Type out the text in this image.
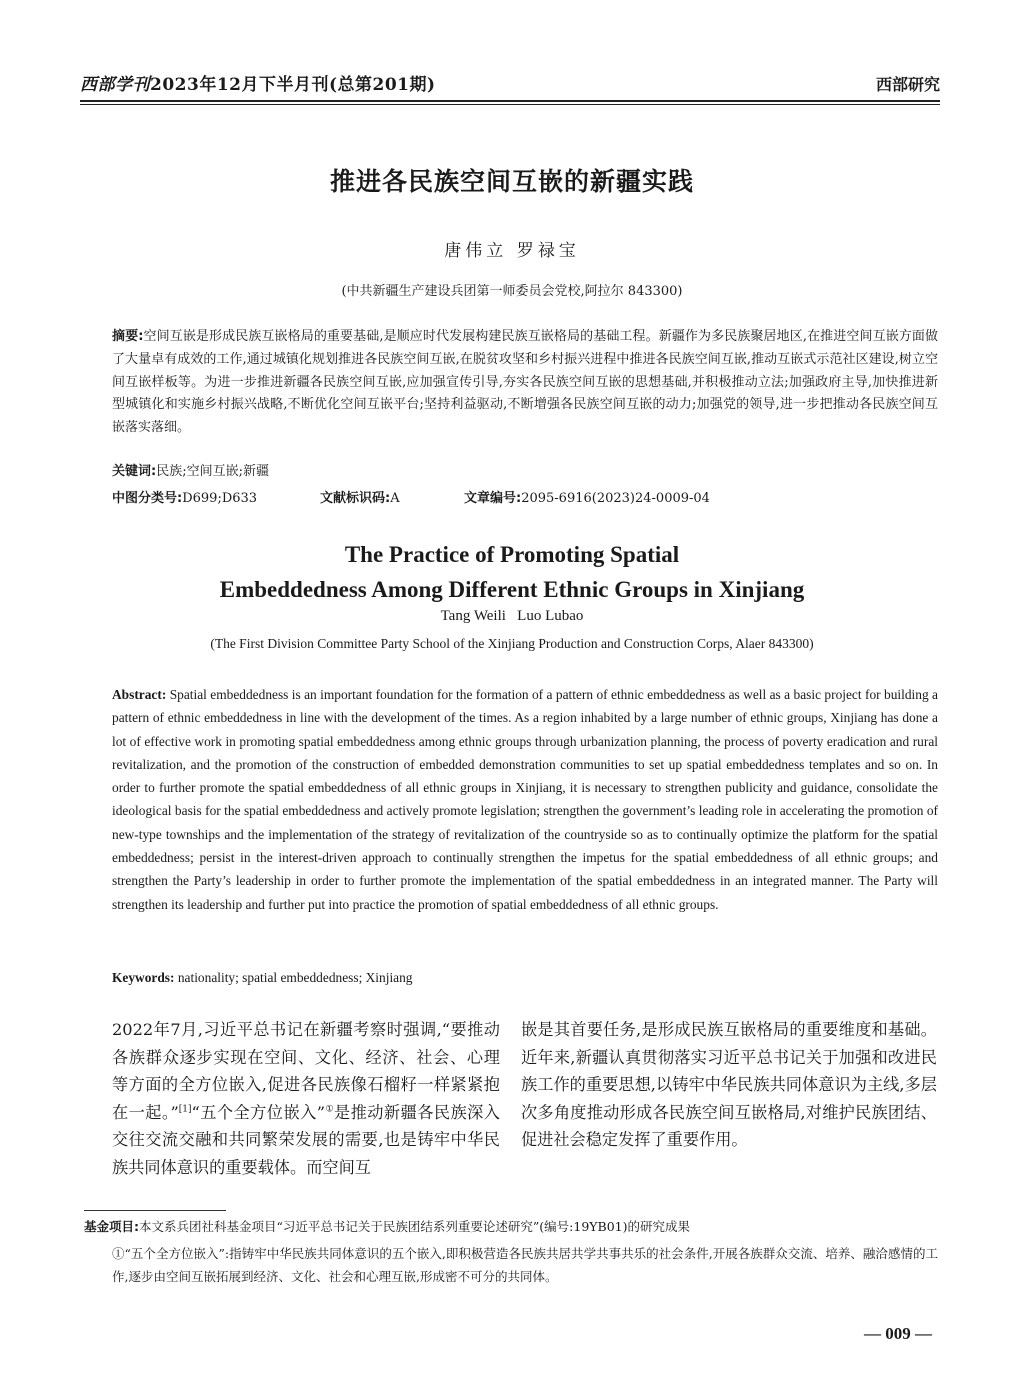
西部学刊2023年12月下半月刊(总第201期)	西部研究
推进各民族空间互嵌的新疆实践
唐伟立 罗禄宝
(中共新疆生产建设兵团第一师委员会党校,阿拉尔 843300)
摘要:空间互嵌是形成民族互嵌格局的重要基础,是顺应时代发展构建民族互嵌格局的基础工程。新疆作为多民族聚居地区,在推进空间互嵌方面做了大量卓有成效的工作,通过城镇化规划推进各民族空间互嵌,在脱贫攻坚和乡村振兴进程中推进各民族空间互嵌,推动互嵌式示范社区建设,树立空间互嵌样板等。为进一步推进新疆各民族空间互嵌,应加强宣传引导,夯实各民族空间互嵌的思想基础,并积极推动立法;加强政府主导,加快推进新型城镇化和实施乡村振兴战略,不断优化空间互嵌平台;坚持利益驱动,不断增强各民族空间互嵌的动力;加强党的领导,进一步把推动各民族空间互嵌落实落细。
关键词:民族;空间互嵌;新疆
中图分类号:D699;D633	文献标识码:A	文章编号:2095-6916(2023)24-0009-04
The Practice of Promoting Spatial
Embeddedness Among Different Ethnic Groups in Xinjiang
Tang Weili   Luo Lubao
(The First Division Committee Party School of the Xinjiang Production and Construction Corps, Alaer 843300)
Abstract: Spatial embeddedness is an important foundation for the formation of a pattern of ethnic embeddedness as well as a basic project for building a pattern of ethnic embeddedness in line with the development of the times. As a region inhabited by a large number of ethnic groups, Xinjiang has done a lot of effective work in promoting spatial embeddedness among ethnic groups through urbanization planning, the process of poverty eradication and rural revitalization, and the promotion of the construction of embedded demonstration communities to set up spatial embeddedness templates and so on. In order to further promote the spatial embeddedness of all ethnic groups in Xinjiang, it is necessary to strengthen publicity and guidance, consolidate the ideological basis for the spatial embeddedness and actively promote legislation; strengthen the government’s leading role in accelerating the promotion of new-type townships and the implementation of the strategy of revitalization of the countryside so as to continually optimize the platform for the spatial embeddedness; persist in the interest-driven approach to continually strengthen the impetus for the spatial embeddedness of all ethnic groups; and strengthen the Party’s leadership in order to further promote the implementation of the spatial embeddedness in an integrated manner. The Party will strengthen its leadership and further put into practice the promotion of spatial embeddedness of all ethnic groups.
Keywords: nationality; spatial embeddedness; Xinjiang
2022年7月,习近平总书记在新疆考察时强调,“要推动各族群众逐步实现在空间、文化、经济、社会、心理等方面的全方位嵌入,促进各民族像石榴籽一样紧紧抱在一起。”[1]“五个全方位嵌入”①是推动新疆各民族深入交往交流交融和共同繁荣发展的需要,也是铸牢中华民族共同体意识的重要载体。而空间互
嵌是其首要任务,是形成民族互嵌格局的重要维度和基础。近年来,新疆认真贯彻落实习近平总书记关于加强和改进民族工作的重要思想,以铸牢中华民族共同体意识为主线,多层次多角度推动形成各民族空间互嵌格局,对维护民族团结、促进社会稳定发挥了重要作用。
基金项目:本文系兵团社科基金项目“习近平总书记关于民族团结系列重要论述研究”(编号:19YB01)的研究成果
①“五个全方位嵌入”:指铸牢中华民族共同体意识的五个嵌入,即积极营造各民族共居共学共事共乐的社会条件,开展各族群众交流、培养、融洽感情的工作,逐步由空间互嵌拓展到经济、文化、社会和心理互嵌,形成密不可分的共同体。
— 009 —
